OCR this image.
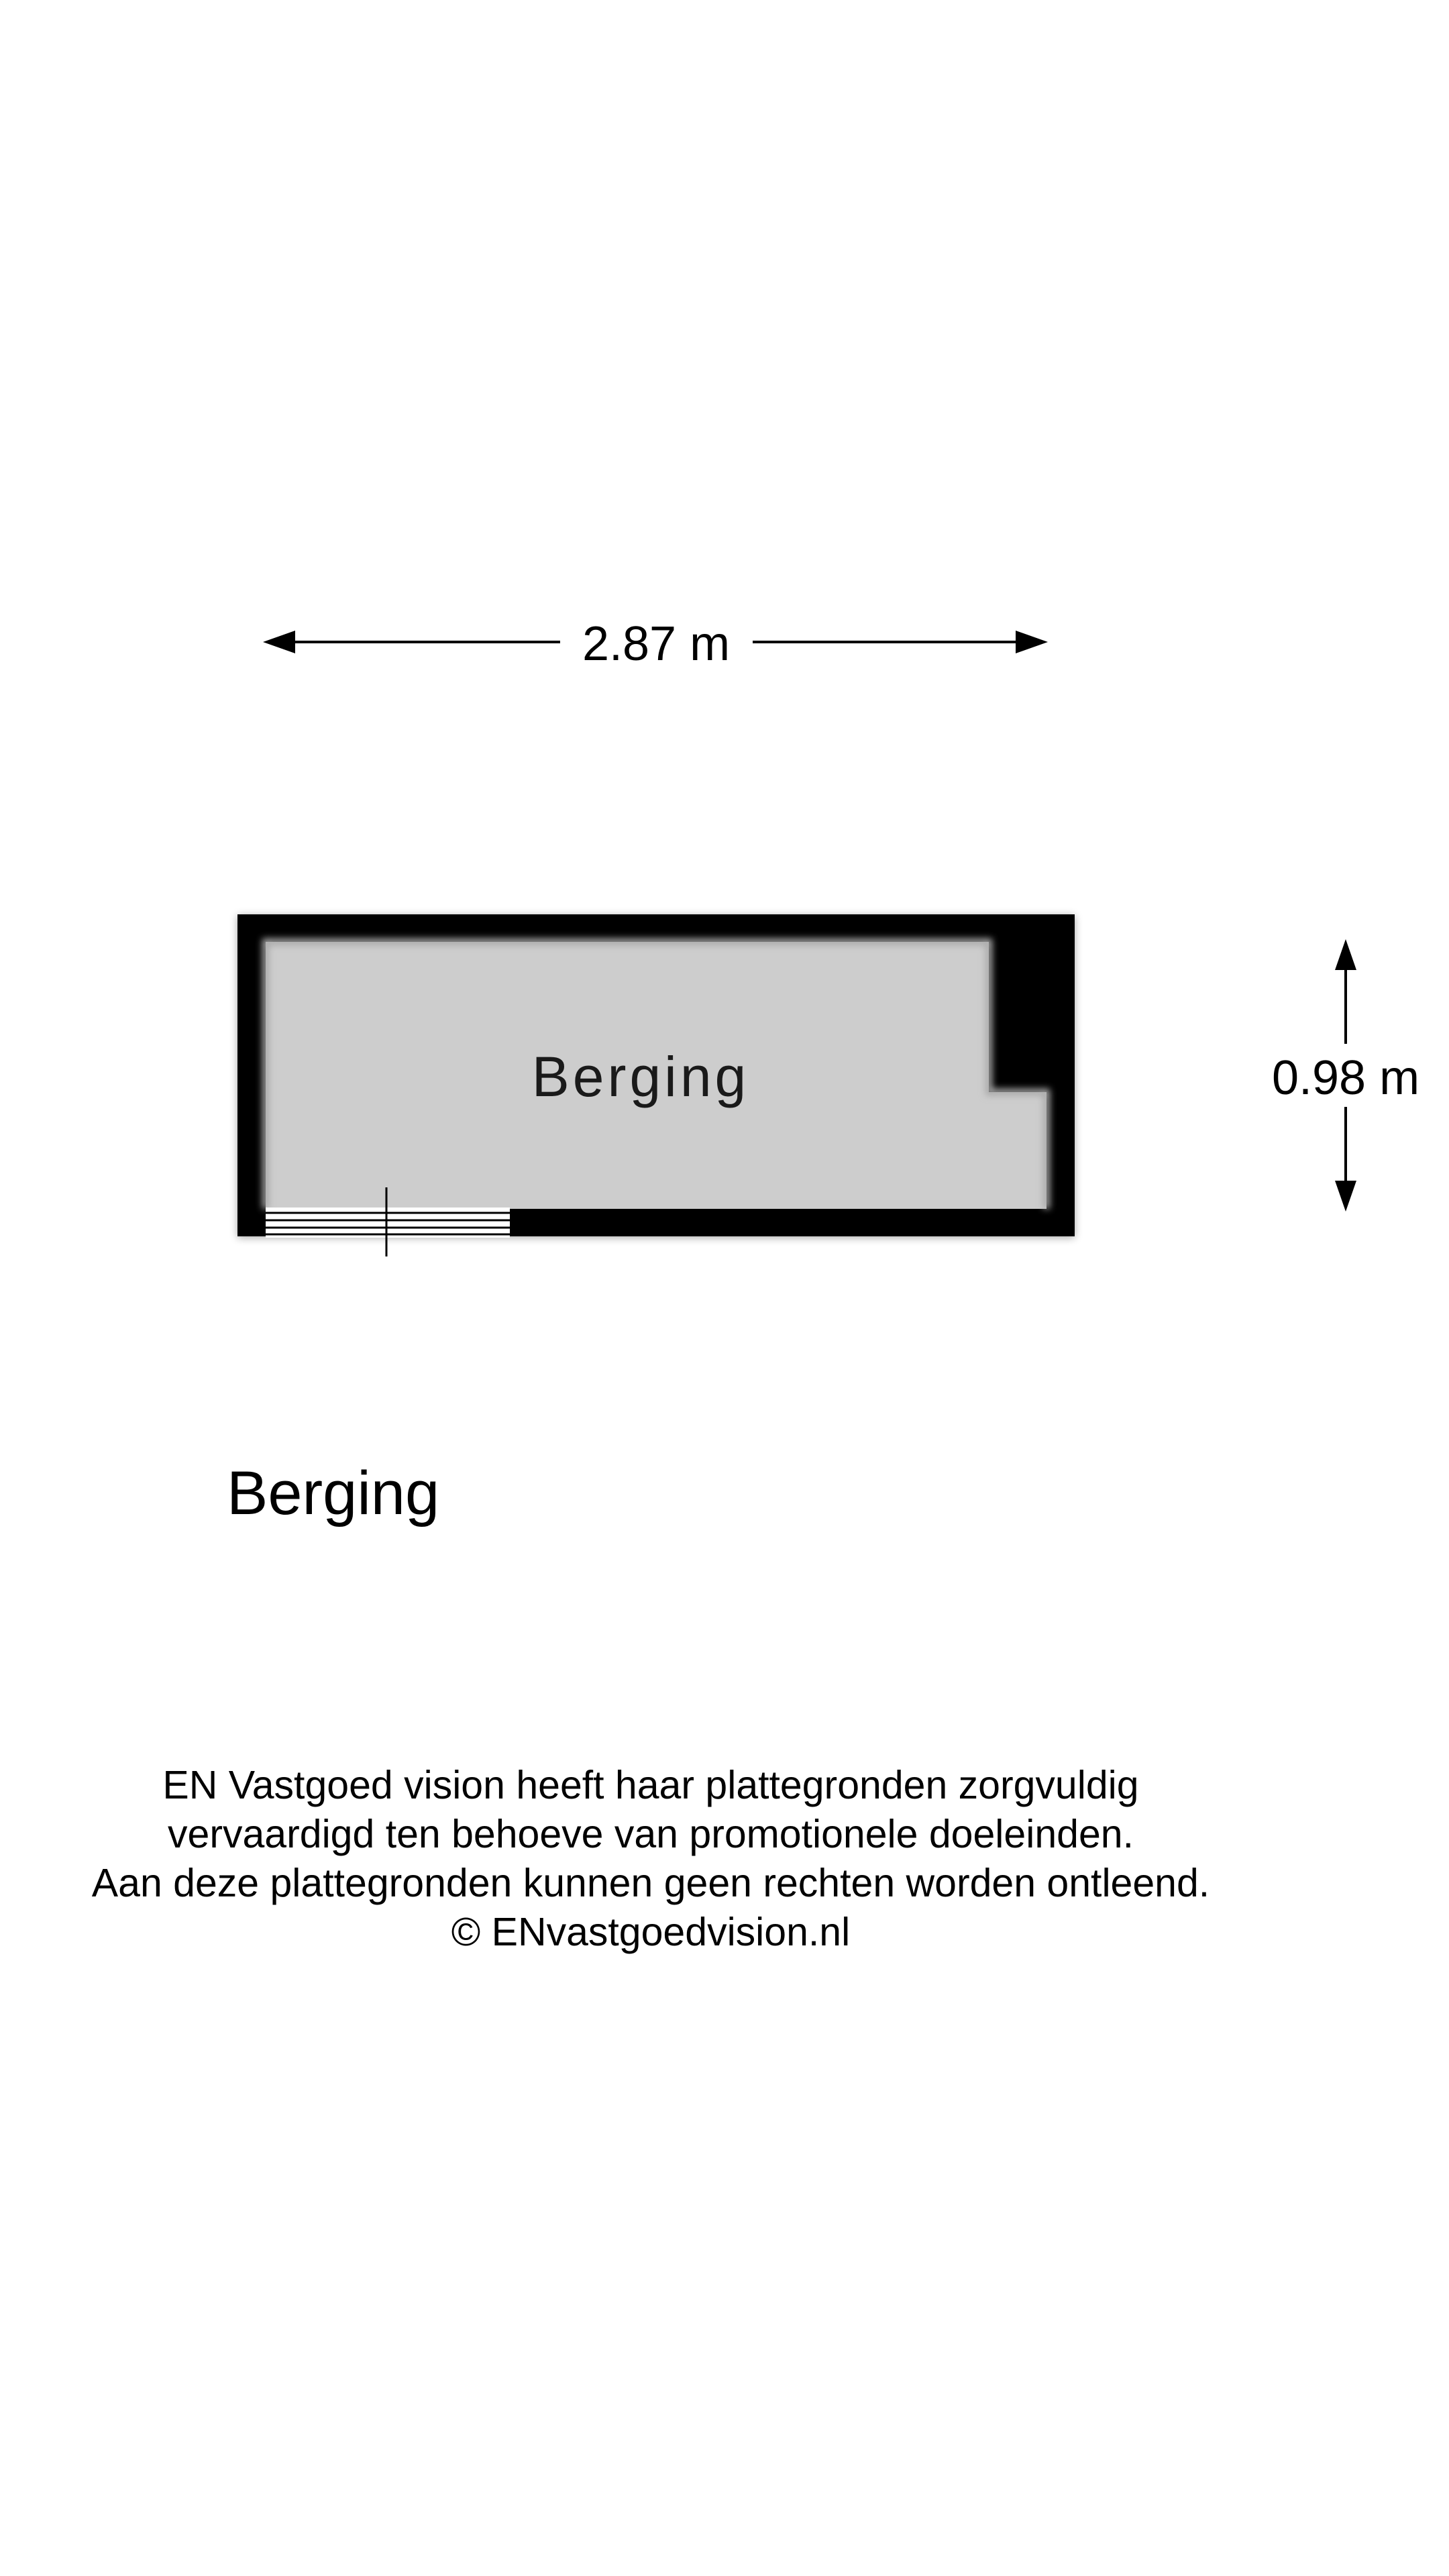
2.87 m
0.98 m
Berging
Berging
EN Vastgoed vision heeft haar plattegronden zorgvuldig
vervaardigd ten behoeve van promotionele doeleinden.
Aan deze plattegronden kunnen geen rechten worden ontleend.
© ENvastgoedvision.nl
